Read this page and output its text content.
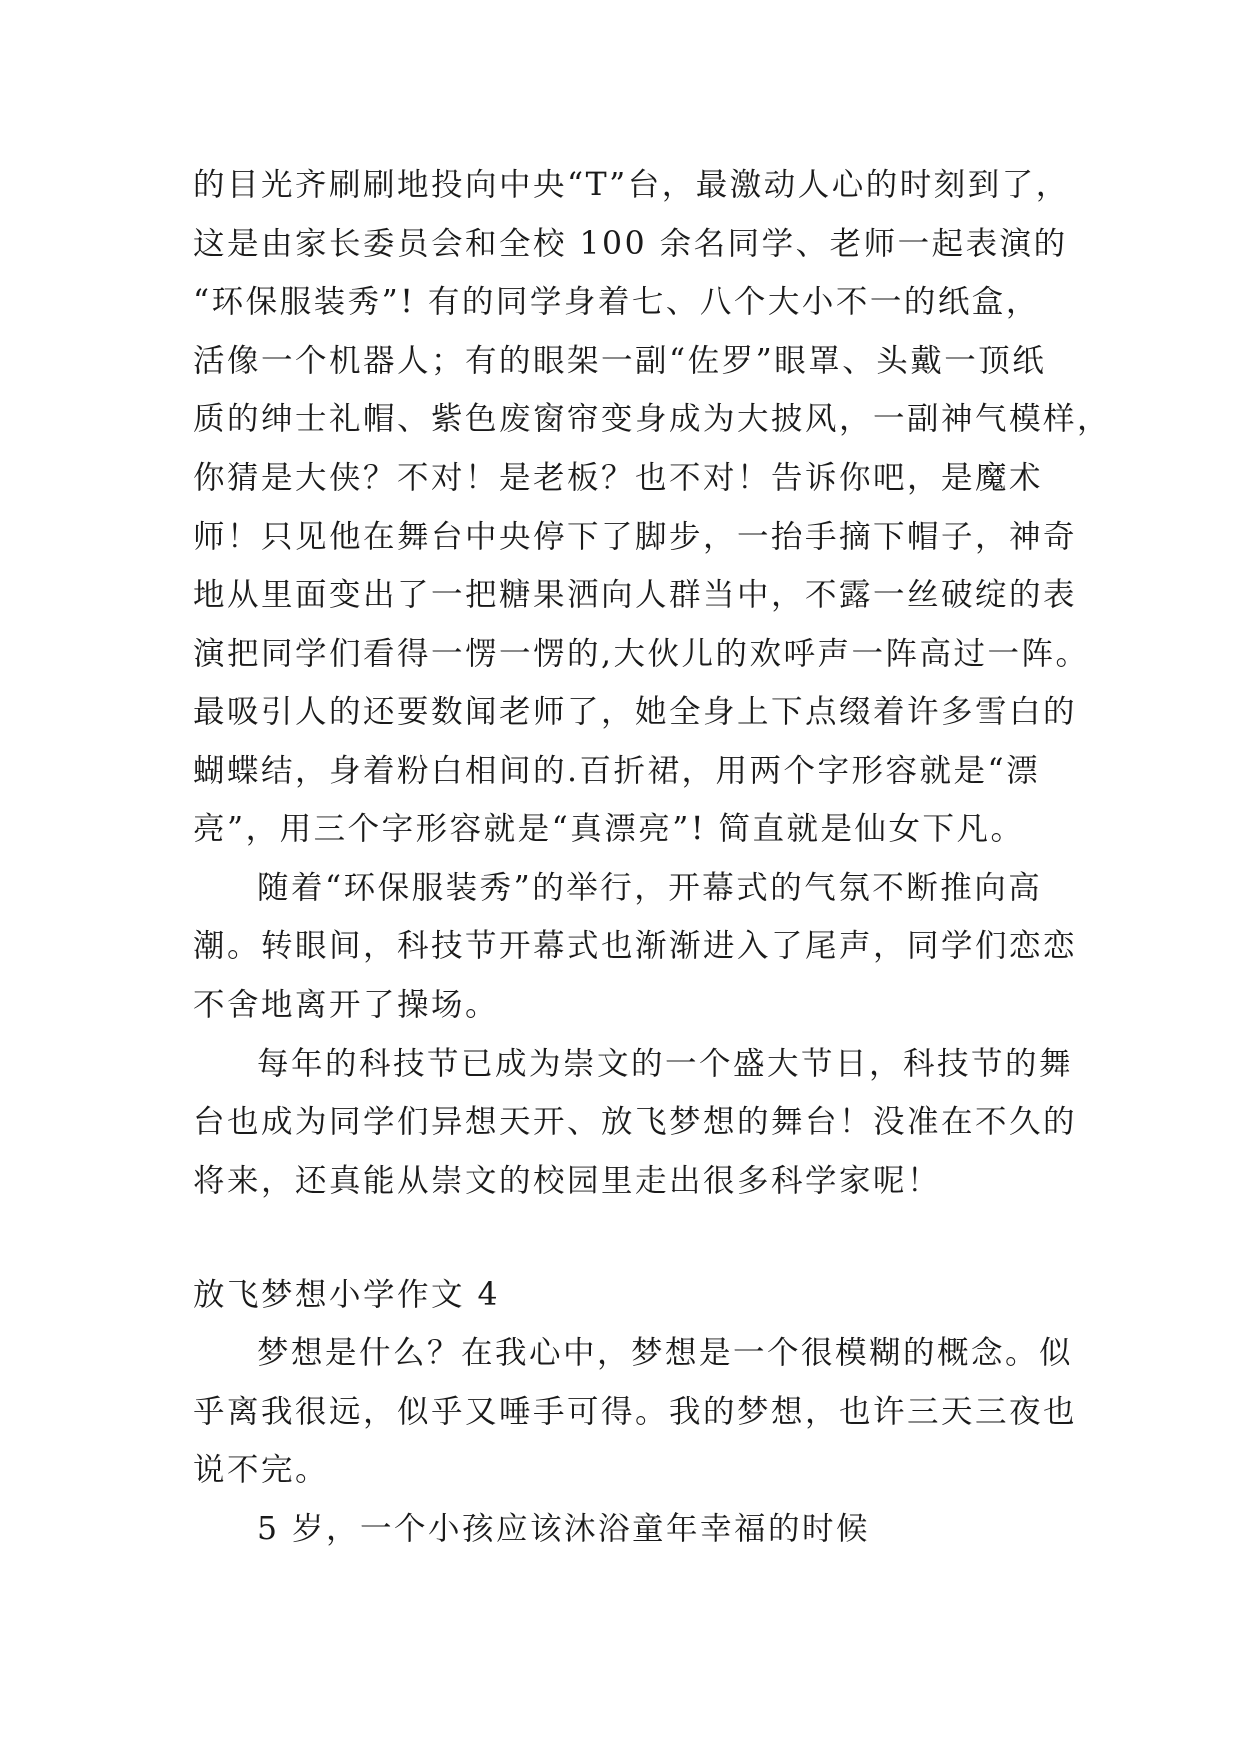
的目光齐刷刷地投向中央“T”台，最激动人心的时刻到了，
这是由家长委员会和全校 100 余名同学、老师一起表演的
“环保服装秀”! 有的同学身着七、八个大小不一的纸盒，
活像一个机器人；有的眼架一副“佐罗”眼罩、头戴一顶纸
质的绅士礼帽、紫色废窗帘变身成为大披风，一副神气模样，
你猜是大侠？不对！是老板？也不对！告诉你吧，是魔术
师！只见他在舞台中央停下了脚步，一抬手摘下帽子，神奇
地从里面变出了一把糖果洒向人群当中，不露一丝破绽的表
演把同学们看得一愣一愣的,大伙儿的欢呼声一阵高过一阵。
最吸引人的还要数闻老师了，她全身上下点缀着许多雪白的
蝴蝶结，身着粉白相间的.百折裙，用两个字形容就是“漂
亮”，用三个字形容就是“真漂亮”! 简直就是仙女下凡。
随着“环保服装秀”的举行，开幕式的气氛不断推向高
潮。转眼间，科技节开幕式也渐渐进入了尾声，同学们恋恋
不舍地离开了操场。
每年的科技节已成为崇文的一个盛大节日，科技节的舞
台也成为同学们异想天开、放飞梦想的舞台！没准在不久的
将来，还真能从崇文的校园里走出很多科学家呢！
放飞梦想小学作文 4
梦想是什么？在我心中，梦想是一个很模糊的概念。似
乎离我很远，似乎又唾手可得。我的梦想，也许三天三夜也
说不完。
5 岁，一个小孩应该沐浴童年幸福的时候
